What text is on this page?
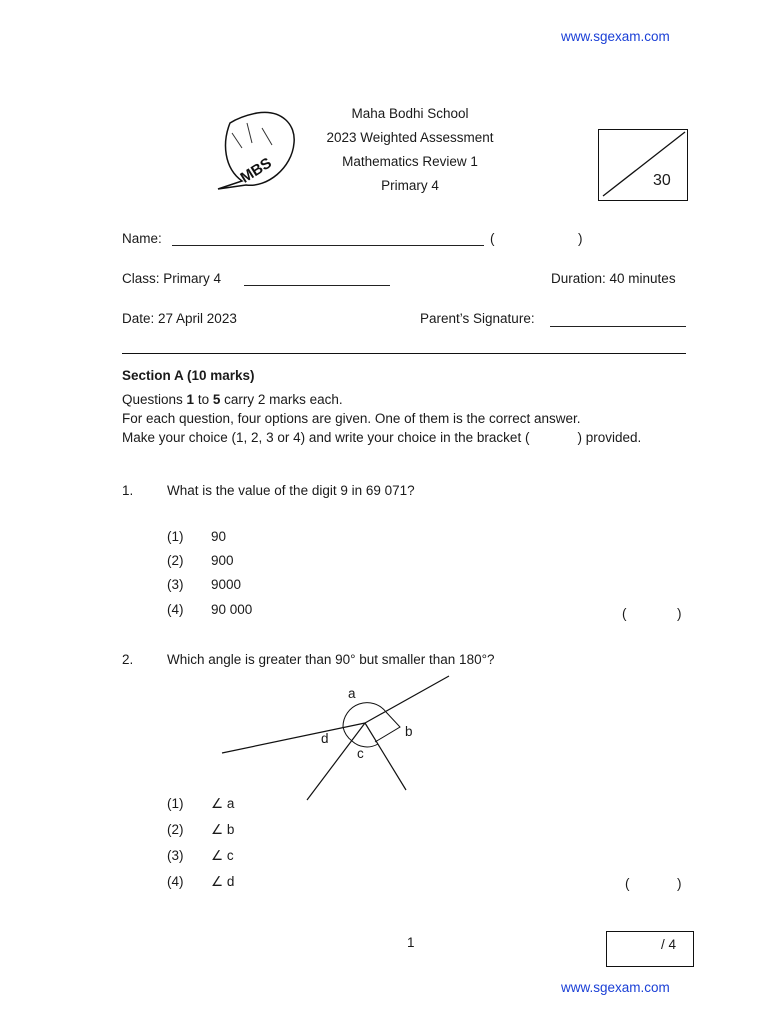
www.sgexam.com
MBS
Maha Bodhi School
2023 Weighted Assessment
Mathematics Review 1
Primary 4	30
Name:	(	)
Class: Primary 4	Duration: 40 minutes
Date: 27 April 2023	Parent’s Signature:
Section A (10 marks)
Questions 1 to 5 carry 2 marks each.
For each question, four options are given. One of them is the correct answer.
Make your choice (1, 2, 3 or 4) and write your choice in the bracket (	) provided.
1. What is the value of the digit 9 in 69 071?
(1) 90
(2) 900
(3) 9000
(4) 90 000	(	)
2. Which angle is greater than 90° but smaller than 180°?
a
b
c
d
(1) ∠ a
(2) ∠ b
(3) ∠ c
(4) ∠ d	(	)
1	/ 4
www.sgexam.com
